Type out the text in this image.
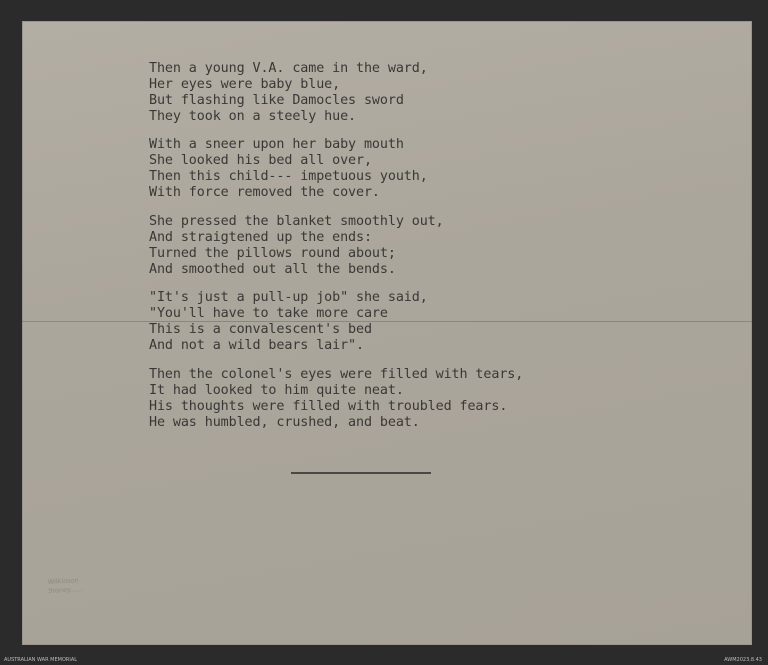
Then a young V.A. came in the ward,
Her eyes were baby blue,
But flashing like Damocles sword
They took on a steely hue.
With a sneer upon her baby mouth
She looked his bed all over,
Then this child--- impetuous youth,
With force removed the cover.
She pressed the blanket smoothly out,
And straigtened up the ends:
Turned the pillows round about;
And smoothed out all the bends.
"It's just a pull-up job" she said,
"You'll have to take more care
This is a convalescent's bed
And not a wild bears lair".
Then the colonel's eyes were filled with tears,
It had looked to him quite neat.
His thoughts were filled with troubled fears.
He was humbled, crushed, and beat.
Wilkinson
Stoney......
AUSTRALIAN WAR MEMORIAL	AWM2023.8.43
